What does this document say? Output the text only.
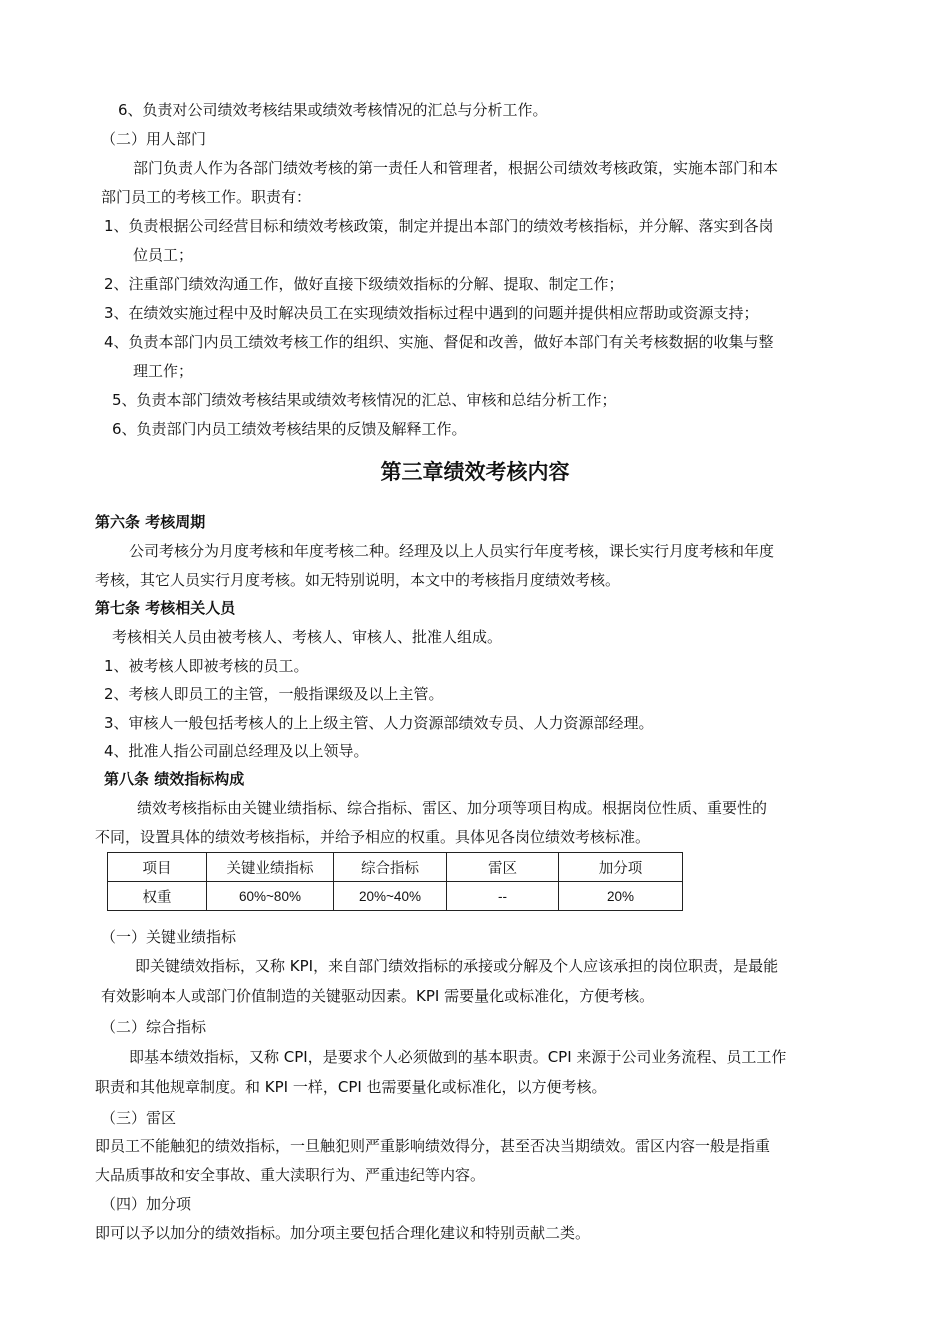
6、负责对公司绩效考核结果或绩效考核情况的汇总与分析工作。
（二）用人部门
部门负责人作为各部门绩效考核的第一责任人和管理者，根据公司绩效考核政策，实施本部门和本
部门员工的考核工作。职责有：
1、负责根据公司经营目标和绩效考核政策，制定并提出本部门的绩效考核指标，并分解、落实到各岗
位员工；
2、注重部门绩效沟通工作，做好直接下级绩效指标的分解、提取、制定工作；
3、在绩效实施过程中及时解决员工在实现绩效指标过程中遇到的问题并提供相应帮助或资源支持；
4、负责本部门内员工绩效考核工作的组织、实施、督促和改善，做好本部门有关考核数据的收集与整
理工作；
5、负责本部门绩效考核结果或绩效考核情况的汇总、审核和总结分析工作；
6、负责部门内员工绩效考核结果的反馈及解释工作。
第三章绩效考核内容
第六条 考核周期
公司考核分为月度考核和年度考核二种。经理及以上人员实行年度考核，课长实行月度考核和年度
考核，其它人员实行月度考核。如无特别说明，本文中的考核指月度绩效考核。
第七条 考核相关人员
考核相关人员由被考核人、考核人、审核人、批准人组成。
1、被考核人即被考核的员工。
2、考核人即员工的主管，一般指课级及以上主管。
3、审核人一般包括考核人的上上级主管、人力资源部绩效专员、人力资源部经理。
4、批准人指公司副总经理及以上领导。
第八条 绩效指标构成
绩效考核指标由关键业绩指标、综合指标、雷区、加分项等项目构成。根据岗位性质、重要性的
不同，设置具体的绩效考核指标，并给予相应的权重。具体见各岗位绩效考核标准。
项目	关键业绩指标	综合指标	雷区	加分项
权重	60%~80%	20%~40%	--	20%
（一）关键业绩指标
即关键绩效指标，又称 KPI，来自部门绩效指标的承接或分解及个人应该承担的岗位职责，是最能
有效影响本人或部门价值制造的关键驱动因素。KPI 需要量化或标准化，方便考核。
（二）综合指标
即基本绩效指标，又称 CPI，是要求个人必须做到的基本职责。CPI 来源于公司业务流程、员工工作
职责和其他规章制度。和 KPI 一样，CPI 也需要量化或标准化，以方便考核。
（三）雷区
即员工不能触犯的绩效指标，一旦触犯则严重影响绩效得分，甚至否决当期绩效。雷区内容一般是指重
大品质事故和安全事故、重大渎职行为、严重违纪等内容。
（四）加分项
即可以予以加分的绩效指标。加分项主要包括合理化建议和特别贡献二类。
